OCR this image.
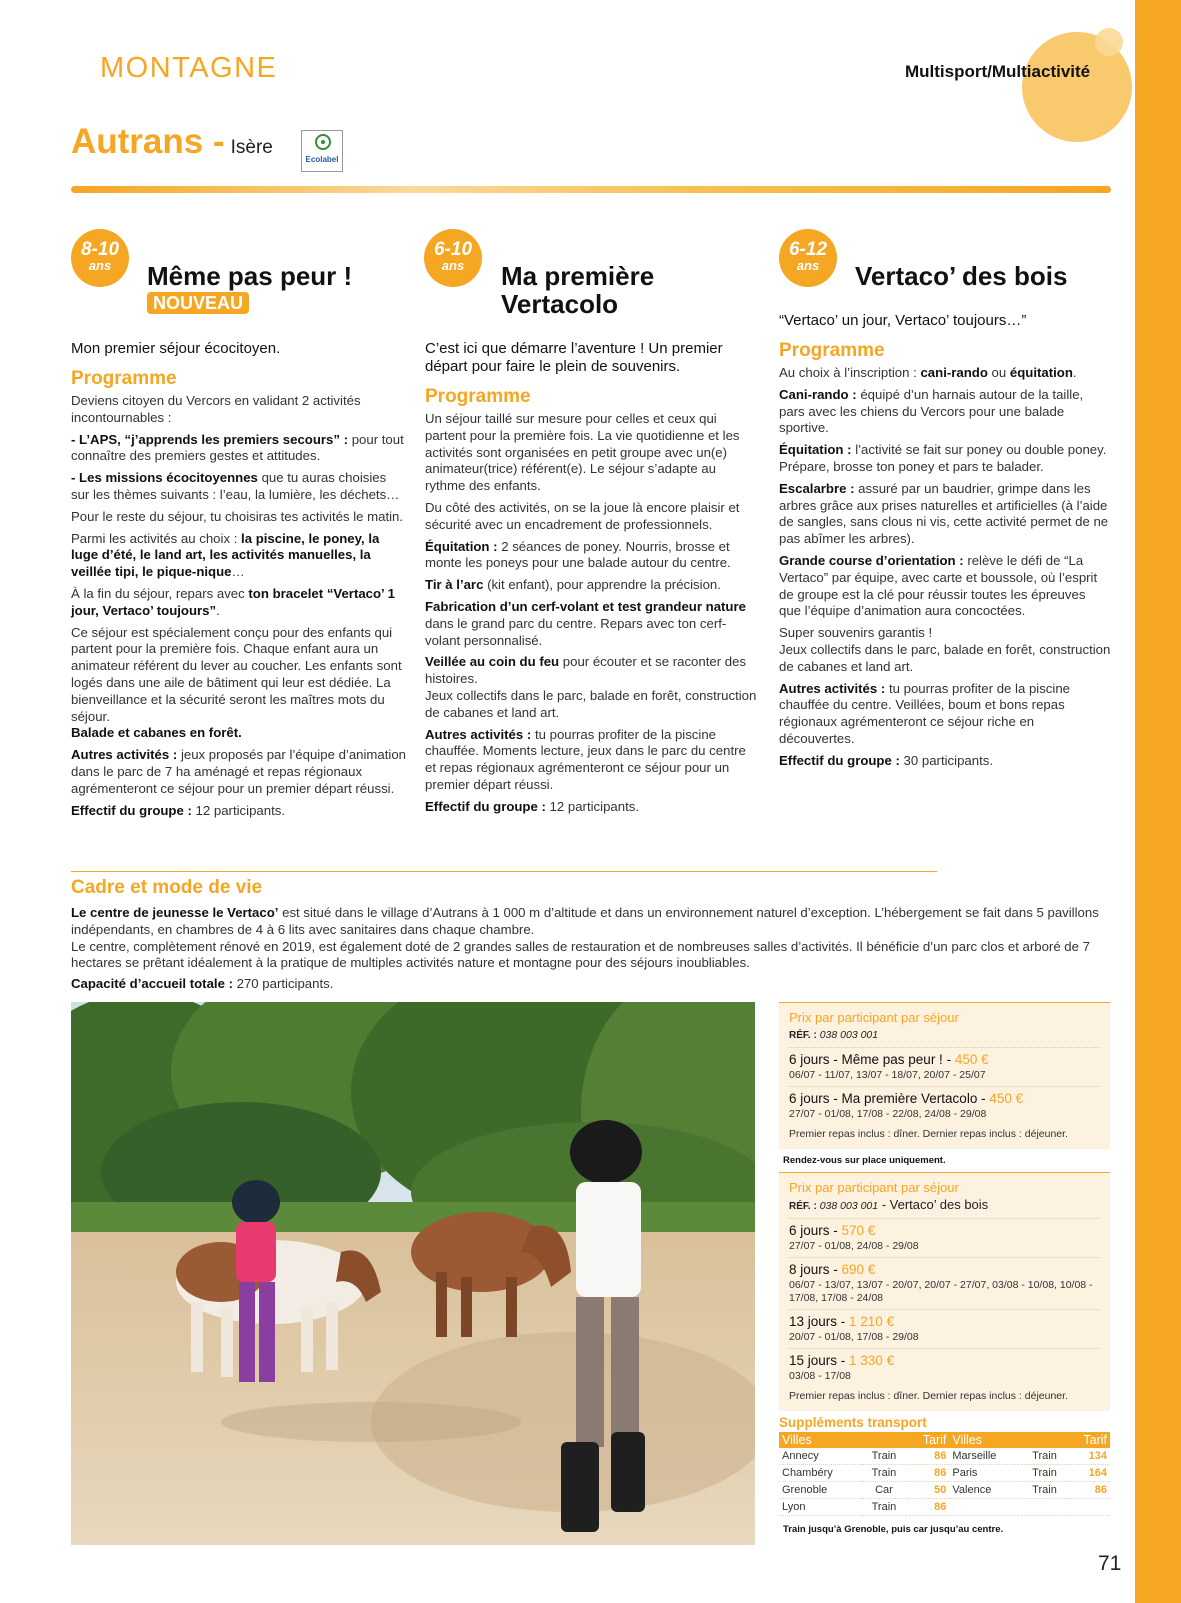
MONTAGNE	Multisport/Multiactivité
Autrans - Isère
Ecolabel
8-10
ans	Même pas peur !
NOUVEAU

Mon premier séjour écocitoyen.

Programme

Deviens citoyen du Vercors en validant 2 activités incontournables :

- L’APS, “j’apprends les premiers secours” : pour tout connaître des premiers gestes et attitudes.

- Les missions écocitoyennes que tu auras choisies sur les thèmes suivants : l’eau, la lumière, les déchets…

Pour le reste du séjour, tu choisiras tes activités le matin.

Parmi les activités au choix : la piscine, le poney, la luge d’été, le land art, les activités manuelles, la veillée tipi, le pique-nique…

À la fin du séjour, repars avec ton bracelet “Vertaco’ 1 jour, Vertaco’ toujours”.

Ce séjour est spécialement conçu pour des enfants qui partent pour la première fois. Chaque enfant aura un animateur référent du lever au coucher. Les enfants sont logés dans une aile de bâtiment qui leur est dédiée. La bienveillance et la sécurité seront les maîtres mots du séjour.
Balade et cabanes en forêt.

Autres activités : jeux proposés par l’équipe d’animation dans le parc de 7 ha aménagé et repas régionaux agrémenteront ce séjour pour un premier départ réussi.

Effectif du groupe : 12 participants.

6-10
ans	Ma première
Vertacolo

C’est ici que démarre l’aventure ! Un premier départ pour faire le plein de souvenirs.

Programme

Un séjour taillé sur mesure pour celles et ceux qui partent pour la première fois. La vie quotidienne et les activités sont organisées en petit groupe avec un(e) animateur(trice) référent(e). Le séjour s’adapte au rythme des enfants.

Du côté des activités, on se la joue là encore plaisir et sécurité avec un encadrement de professionnels.

Équitation : 2 séances de poney. Nourris, brosse et monte les poneys pour une balade autour du centre.

Tir à l’arc (kit enfant), pour apprendre la précision.

Fabrication d’un cerf-volant et test grandeur nature dans le grand parc du centre. Repars avec ton cerf-volant personnalisé.

Veillée au coin du feu pour écouter et se raconter des histoires.
Jeux collectifs dans le parc, balade en forêt, construction de cabanes et land art.

Autres activités : tu pourras profiter de la piscine chauffée. Moments lecture, jeux dans le parc du centre et repas régionaux agrémenteront ce séjour pour un premier départ réussi.

Effectif du groupe : 12 participants.

6-12
ans	Vertaco’ des bois

“Vertaco’ un jour, Vertaco’ toujours…”

Programme

Au choix à l’inscription : cani-rando ou équitation.

Cani-rando : équipé d’un harnais autour de la taille, pars avec les chiens du Vercors pour une balade sportive.

Équitation : l’activité se fait sur poney ou double poney. Prépare, brosse ton poney et pars te balader.

Escalarbre : assuré par un baudrier, grimpe dans les arbres grâce aux prises naturelles et artificielles (à l’aide de sangles, sans clous ni vis, cette activité permet de ne pas abîmer les arbres).

Grande course d’orientation : relève le défi de “La Vertaco” par équipe, avec carte et boussole, où l’esprit de groupe est la clé pour réussir toutes les épreuves que l’équipe d’animation aura concoctées.

Super souvenirs garantis !
Jeux collectifs dans le parc, balade en forêt, construction de cabanes et land art.

Autres activités : tu pourras profiter de la piscine chauffée du centre. Veillées, boum et bons repas régionaux agrémenteront ce séjour riche en découvertes.

Effectif du groupe : 30 participants.

Cadre et mode de vie

Le centre de jeunesse le Vertaco’ est situé dans le village d’Autrans à 1 000 m d’altitude et dans un environnement naturel d’exception. L’hébergement se fait dans 5 pavillons indépendants, en chambres de 4 à 6 lits avec sanitaires dans chaque chambre.
Le centre, complètement rénové en 2019, est également doté de 2 grandes salles de restauration et de nombreuses salles d’activités. Il bénéficie d’un parc clos et arboré de 7 hectares se prêtant idéalement à la pratique de multiples activités nature et montagne pour des séjours inoubliables.

Capacité d’accueil totale : 270 participants.

Prix par participant par séjour
RÉF. : 038 003 001
6 jours - Même pas peur ! - 450 €
06/07 - 11/07, 13/07 - 18/07, 20/07 - 25/07
6 jours - Ma première Vertacolo - 450 €
27/07 - 01/08, 17/08 - 22/08, 24/08 - 29/08
Premier repas inclus : dîner. Dernier repas inclus : déjeuner.
Rendez-vous sur place uniquement.
Prix par participant par séjour
RÉF. : 038 003 001 - Vertaco’ des bois
6 jours - 570 €
27/07 - 01/08, 24/08 - 29/08
8 jours - 690 €
06/07 - 13/07, 13/07 - 20/07, 20/07 - 27/07, 03/08 - 10/08, 10/08 - 17/08, 17/08 - 24/08
13 jours - 1 210 €
20/07 - 01/08, 17/08 - 29/08
15 jours - 1 330 €
03/08 - 17/08
Premier repas inclus : dîner. Dernier repas inclus : déjeuner.
Suppléments transport
Villes		Tarif	Villes		Tarif
Annecy	Train	86	Marseille	Train	134
Chambéry	Train	86	Paris	Train	164
Grenoble	Car	50	Valence	Train	86
Lyon	Train	86			
Train jusqu’à Grenoble, puis car jusqu’au centre.
71
